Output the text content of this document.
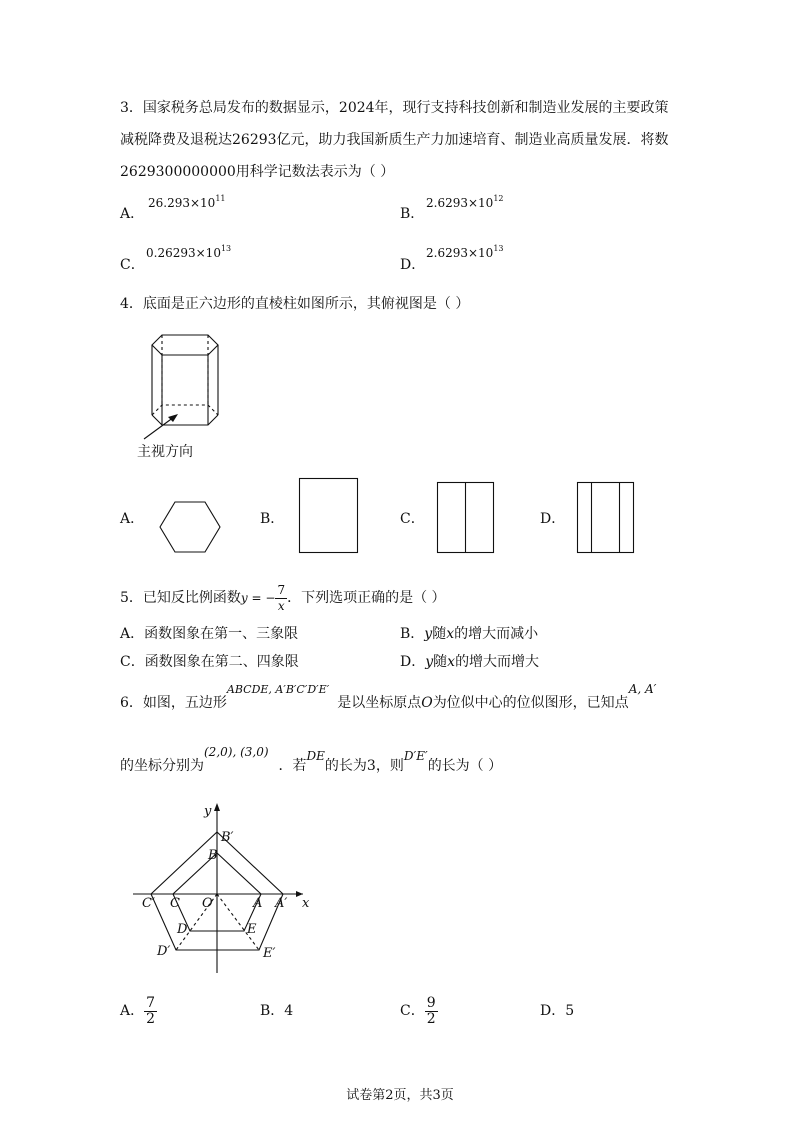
3．国家税务总局发布的数据显示，2024年，现行支持科技创新和制造业发展的主要政策
减税降费及退税达26293亿元，助力我国新质生产力加速培育、制造业高质量发展．将数
2629300000000用科学记数法表示为（ ）
A．
$26.293\times 10^{11}$
B．
$2.6293\times 10^{12}$
C．
$0.26293\times 10^{13}$
D．
$2.6293\times 10^{13}$
4．底面是正六边形的直棱柱如图所示，其俯视图是（ ）
主视方向
A．	B．	C．	D．
5．已知反比例函数y = − $\frac{7}{x}$ ．下列选项正确的是（ ）
A．函数图象在第一、三象限	B．y随x的增大而减小
C．函数图象在第二、四象限	D．y随x的增大而增大
6．如图，五边形$^{ABCDE, A'B'C'D'E'}$是以坐标原点O为位似中心的位似图形，已知点A, A′
的坐标分别为(2,0), (3,0)．若DE的长为3，则D′E′的长为（ ）
y
x
B′
B
C′ C O	A A′
D	E
D′	E′
A． $\frac{7}{2}$	B．4	C． $\frac{9}{2}$	D．5
试卷第2页，共3页
